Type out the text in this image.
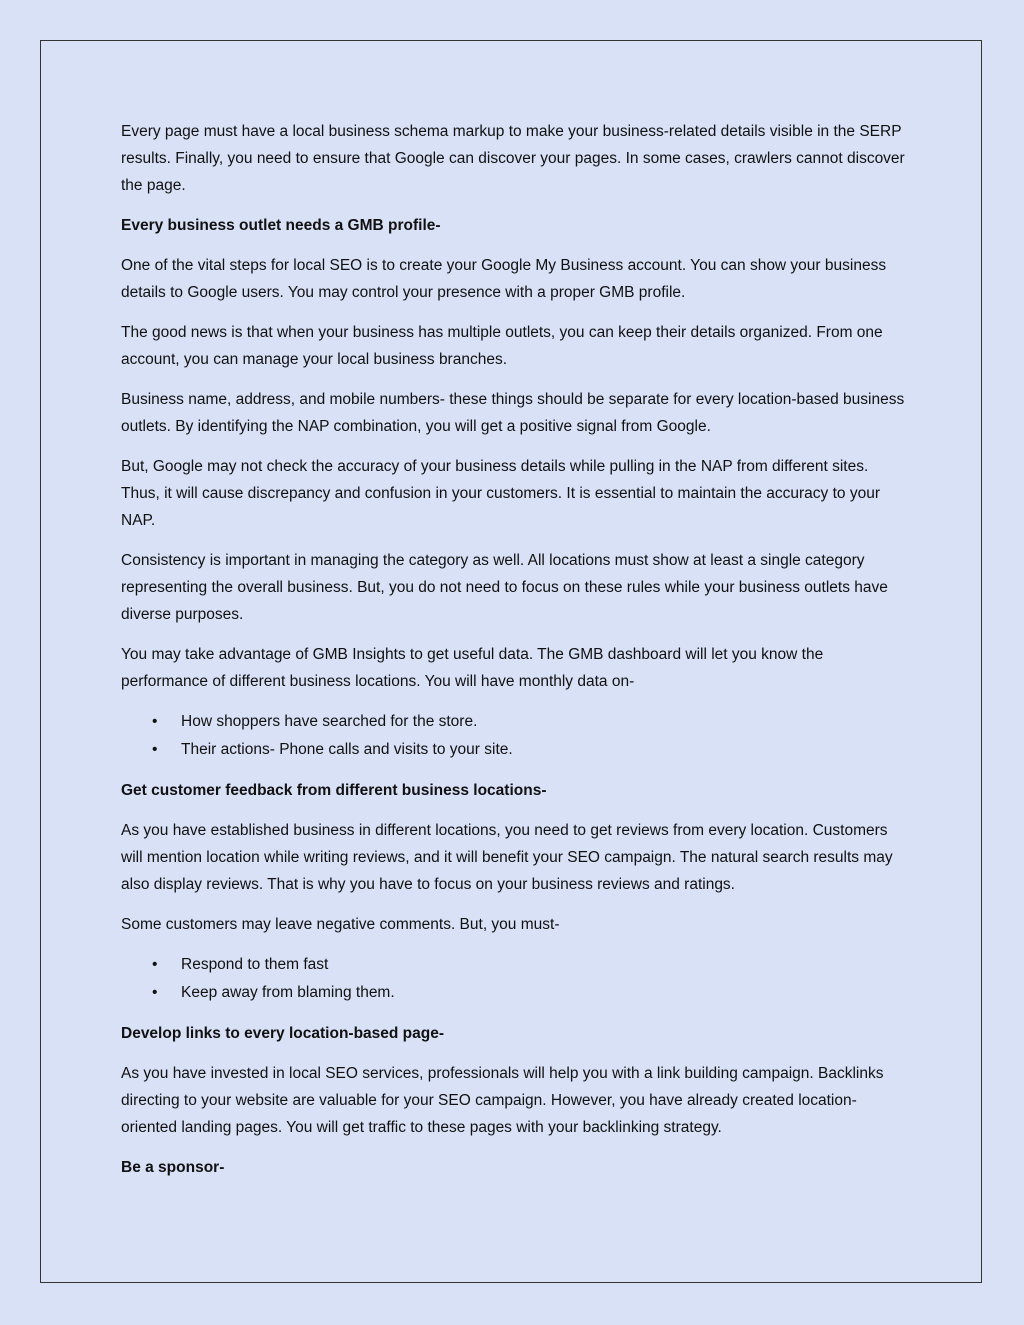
Every page must have a local business schema markup to make your business-related details visible in the SERP results. Finally, you need to ensure that Google can discover your pages. In some cases, crawlers cannot discover the page.

Every business outlet needs a GMB profile-

One of the vital steps for local SEO is to create your Google My Business account. You can show your business details to Google users. You may control your presence with a proper GMB profile.

The good news is that when your business has multiple outlets, you can keep their details organized. From one account, you can manage your local business branches.

Business name, address, and mobile numbers- these things should be separate for every location-based business outlets. By identifying the NAP combination, you will get a positive signal from Google.

But, Google may not check the accuracy of your business details while pulling in the NAP from different sites. Thus, it will cause discrepancy and confusion in your customers. It is essential to maintain the accuracy to your NAP.

Consistency is important in managing the category as well. All locations must show at least a single category representing the overall business. But, you do not need to focus on these rules while your business outlets have diverse purposes.

You may take advantage of GMB Insights to get useful data. The GMB dashboard will let you know the performance of different business locations. You will have monthly data on-

• How shoppers have searched for the store.
• Their actions- Phone calls and visits to your site.

Get customer feedback from different business locations-

As you have established business in different locations, you need to get reviews from every location. Customers will mention location while writing reviews, and it will benefit your SEO campaign. The natural search results may also display reviews. That is why you have to focus on your business reviews and ratings.

Some customers may leave negative comments. But, you must-

• Respond to them fast
• Keep away from blaming them.

Develop links to every location-based page-

As you have invested in local SEO services, professionals will help you with a link building campaign. Backlinks directing to your website are valuable for your SEO campaign. However, you have already created location-oriented landing pages. You will get traffic to these pages with your backlinking strategy.

Be a sponsor-
